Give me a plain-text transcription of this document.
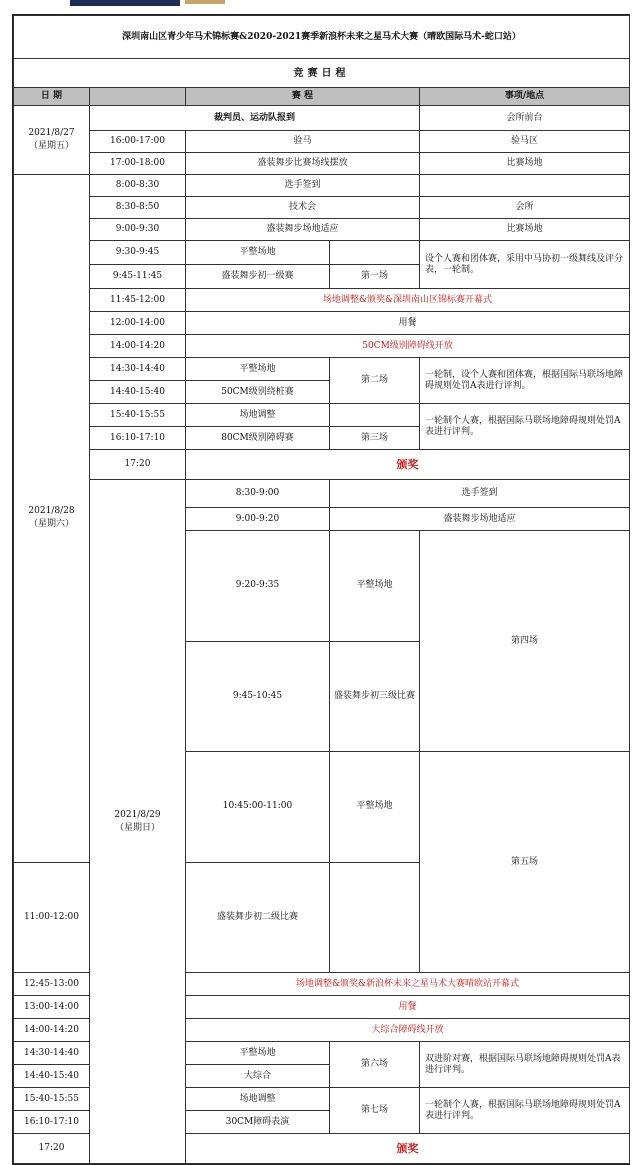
深圳南山区青少年马术锦标赛&2020-2021赛季新浪杯未来之星马术大赛（晴欧国际马术-蛇口站）					
竞赛日程					
日 期		赛 程		事项/地点	

2021/8/27
（星期五）	裁判员、运动队报到			会所前台	
	16:00-17:00	验马		验马区	
	17:00-18:00	盛装舞步比赛场线摆放		比赛场地	

2021/8/28
（星期六）	8:00-8:30	选手签到			
	8:30-8:50	技术会		会所	
	9:00-9:30	盛装舞步场地适应		比赛场地	
	9:30-9:45	平整场地		设个人赛和团体赛，采用中马协初一级舞线及评分表，一轮制。	
	9:45-11:45	盛装舞步初一级赛	第一场		
	11:45-12:00	场地调整&颁奖&深圳南山区锦标赛开幕式			
	12:00-14:00	用餐			
	14:00-14:20	50CM级别障碍线开放			
	14:30-14:40	平整场地	第二场	一轮制，设个人赛和团体赛，根据国际马联场地障碍规则处罚A表进行评判。	
	14:40-15:40	50CM级别绕桩赛			
	15:40-15:55	场地调整		一轮制个人赛，根据国际马联场地障碍规则处罚A表进行评判。	
	16:10-17:10	80CM级别障碍赛	第三场		
	17:20	颁奖			

	2021/8/29
（星期日）	8:30-9:00	选手签到		
		9:00-9:20	盛装舞步场地适应		
		9:20-9:35	平整场地	第四场	
		9:45-10:45	盛装舞步初三级比赛		
		10:45:00-11:00	平整场地	第五场	
11:00-12:00		盛装舞步初二级比赛			
12:45-13:00		场地调整&颁奖&新浪杯未来之星马术大赛晴欧站开幕式			
13:00-14:00		用餐			
14:00-14:20		大综合障碍线开放			
14:30-14:40		平整场地	第六场	双进阶对赛，根据国际马联场地障碍规则处罚A表进行评判。	
14:40-15:40		大综合			
15:40-15:55		场地调整	第七场	一轮制个人赛，根据国际马联场地障碍规则处罚A表进行评判。	
16:10-17:10		30CM障碍表演			
17:20		颁奖			
